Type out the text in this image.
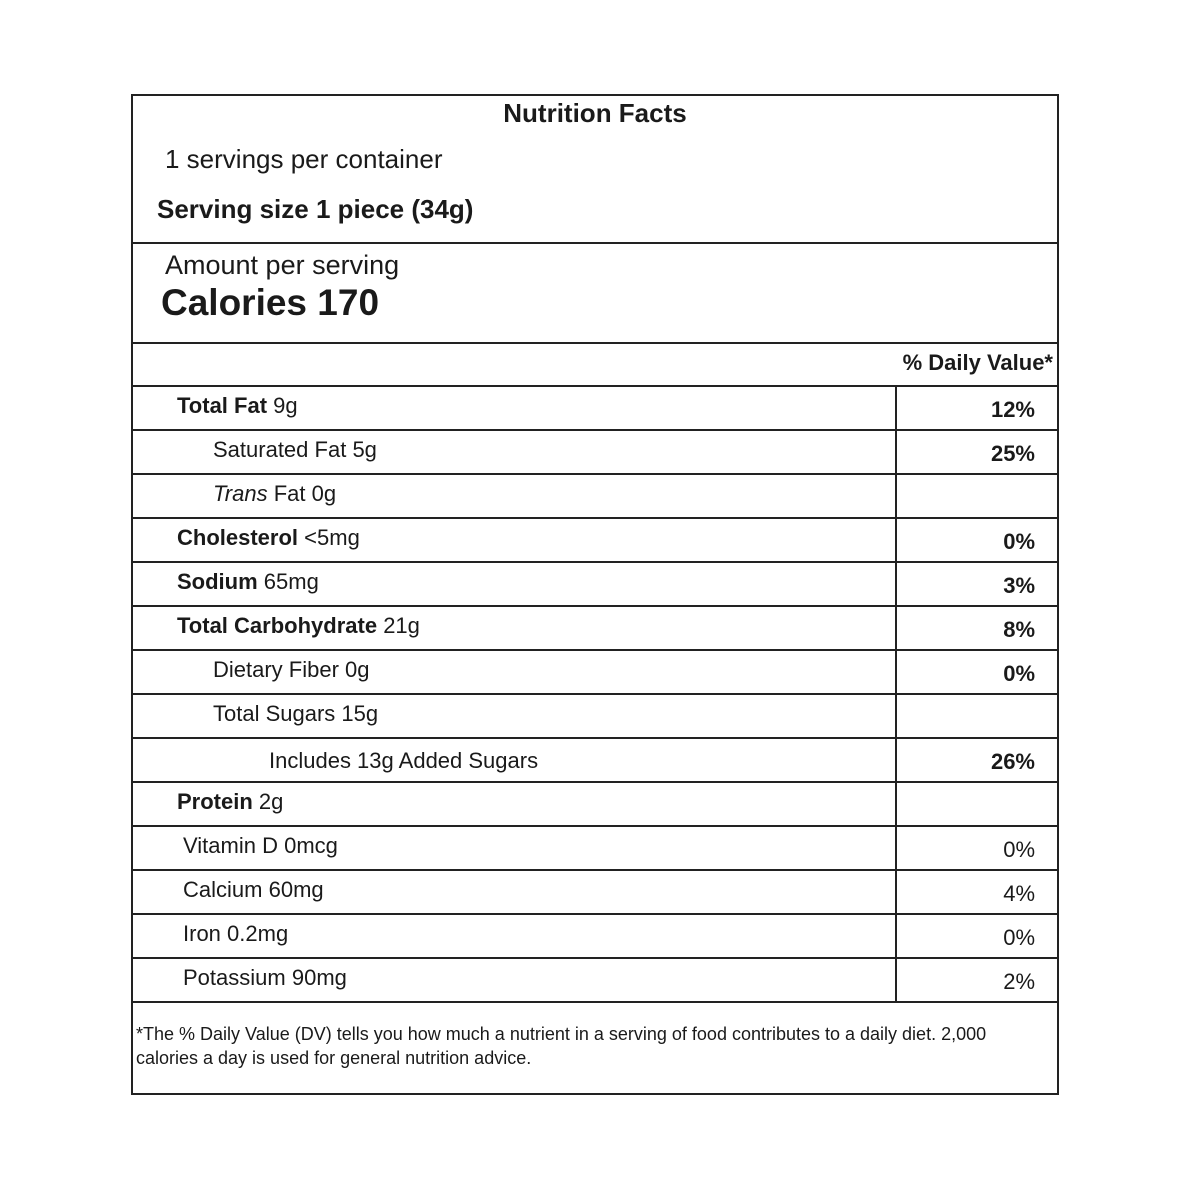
Nutrition Facts
1 servings per container
Serving size 1 piece (34g)
Amount per serving
Calories 170
% Daily Value*
Total Fat 9g	12%
Saturated Fat 5g	25%
Trans Fat 0g
Cholesterol <5mg	0%
Sodium 65mg	3%
Total Carbohydrate 21g	8%
Dietary Fiber 0g	0%
Total Sugars 15g
Includes 13g Added Sugars	26%
Protein 2g
Vitamin D 0mcg	0%
Calcium 60mg	4%
Iron 0.2mg	0%
Potassium 90mg	2%
*The % Daily Value (DV) tells you how much a nutrient in a serving of food contributes to a daily diet. 2,000 calories a day is used for general nutrition advice.
